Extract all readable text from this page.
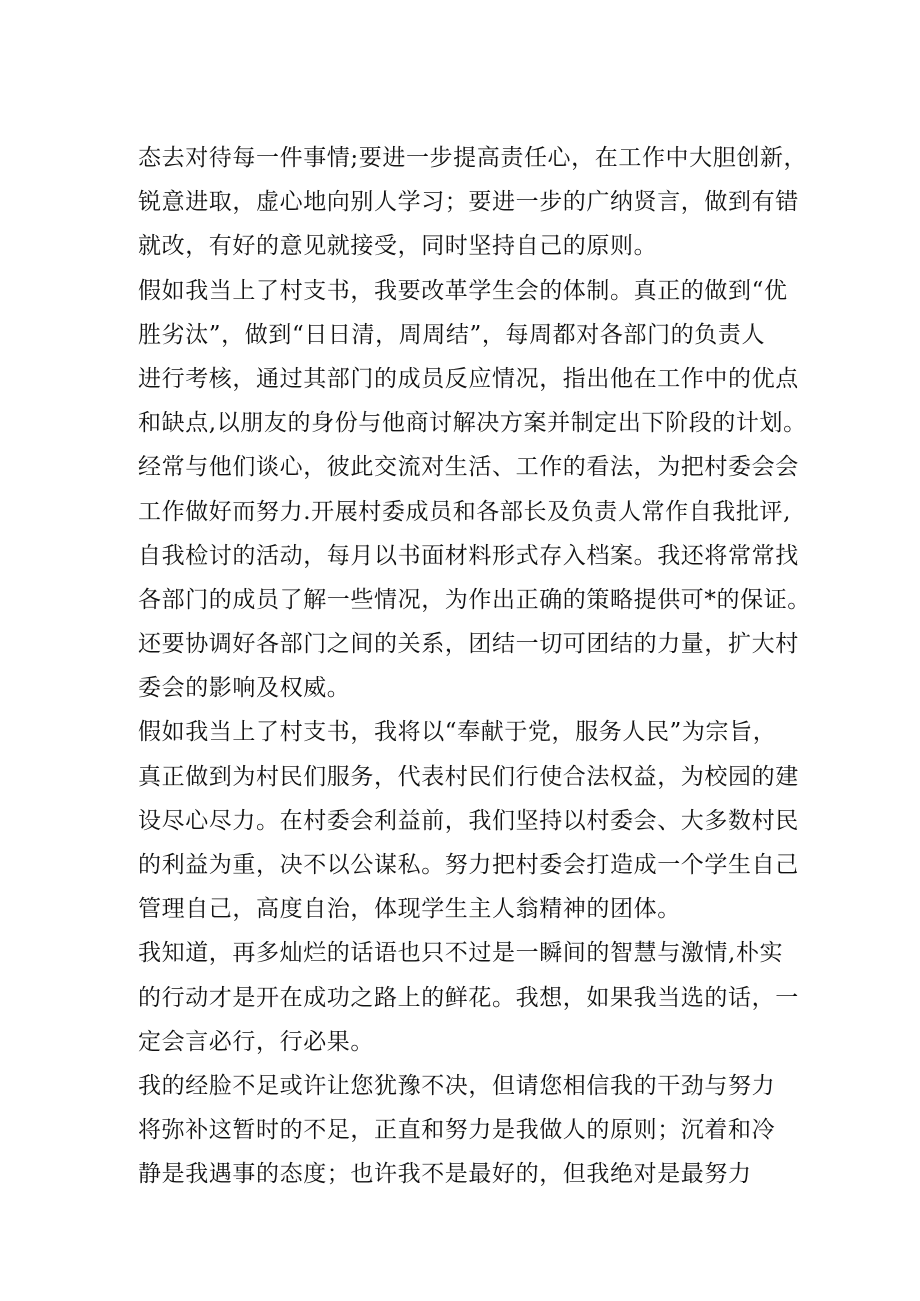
态去对待每一件事情;要进一步提高责任心，在工作中大胆创新，
锐意进取，虚心地向别人学习；要进一步的广纳贤言，做到有错
就改，有好的意见就接受，同时坚持自己的原则。
假如我当上了村支书，我要改革学生会的体制。真正的做到“优
胜劣汰”，做到“日日清，周周结”，每周都对各部门的负责人
进行考核，通过其部门的成员反应情况，指出他在工作中的优点
和缺点,以朋友的身份与他商讨解决方案并制定出下阶段的计划。
经常与他们谈心，彼此交流对生活、工作的看法，为把村委会会
工作做好而努力.开展村委成员和各部长及负责人常作自我批评,
自我检讨的活动，每月以书面材料形式存入档案。我还将常常找
各部门的成员了解一些情况，为作出正确的策略提供可*的保证。
还要协调好各部门之间的关系，团结一切可团结的力量，扩大村
委会的影响及权威。
假如我当上了村支书，我将以“奉献于党，服务人民”为宗旨，
真正做到为村民们服务，代表村民们行使合法权益，为校园的建
设尽心尽力。在村委会利益前，我们坚持以村委会、大多数村民
的利益为重，决不以公谋私。努力把村委会打造成一个学生自己
管理自己，高度自治，体现学生主人翁精神的团体。
我知道，再多灿烂的话语也只不过是一瞬间的智慧与激情,朴实
的行动才是开在成功之路上的鲜花。我想，如果我当选的话，一
定会言必行，行必果。
我的经脸不足或许让您犹豫不决，但请您相信我的干劲与努力
将弥补这暂时的不足，正直和努力是我做人的原则；沉着和冷
静是我遇事的态度；也许我不是最好的，但我绝对是最努力
